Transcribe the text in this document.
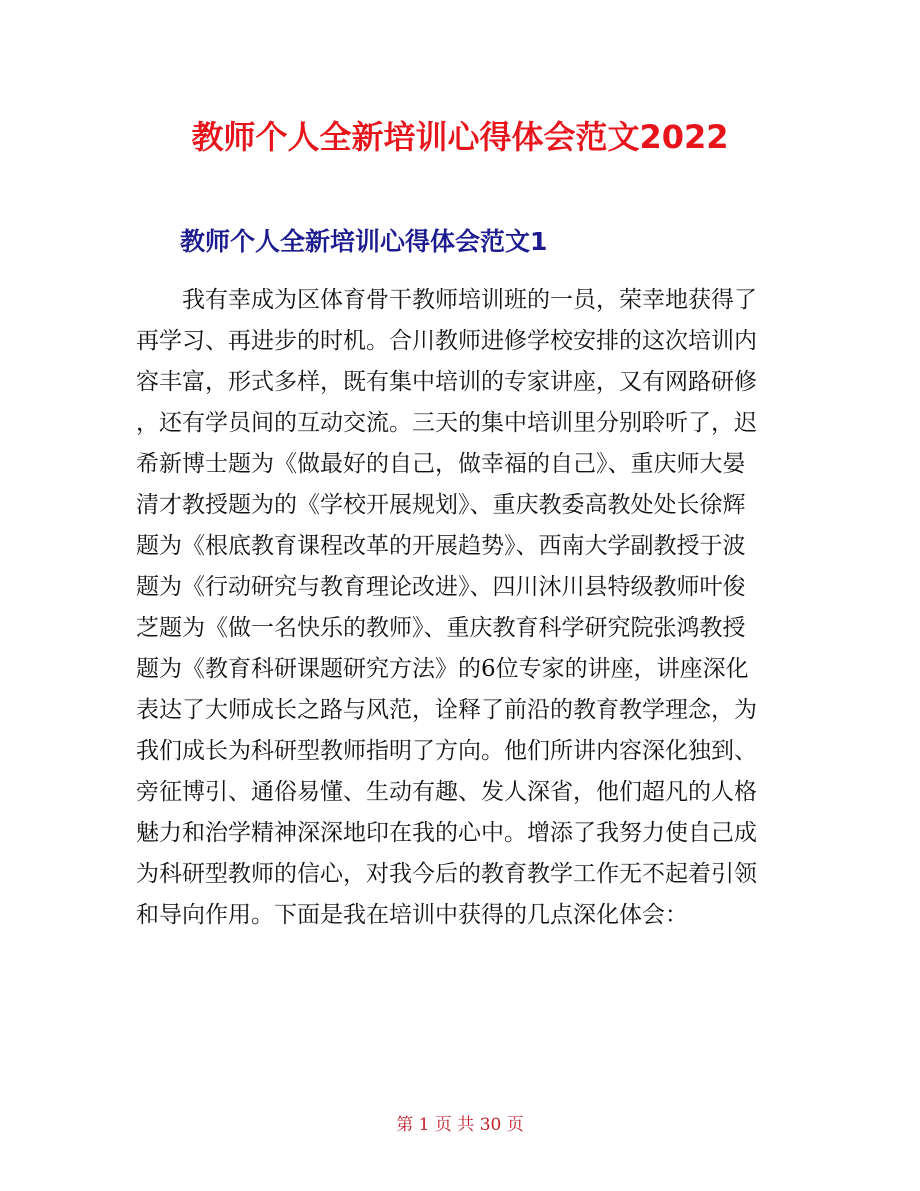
教师个人全新培训心得体会范文2022
教师个人全新培训心得体会范文1
我有幸成为区体育骨干教师培训班的一员，荣幸地获得了
再学习、再进步的时机。合川教师进修学校安排的这次培训内
容丰富，形式多样，既有集中培训的专家讲座，又有网路研修
，还有学员间的互动交流。三天的集中培训里分别聆听了，迟
希新博士题为《做最好的自己，做幸福的自己》、重庆师大晏
清才教授题为的《学校开展规划》、重庆教委高教处处长徐辉
题为《根底教育课程改革的开展趋势》、西南大学副教授于波
题为《行动研究与教育理论改进》、四川沐川县特级教师叶俊
芝题为《做一名快乐的教师》、重庆教育科学研究院张鸿教授
题为《教育科研课题研究方法》的6位专家的讲座，讲座深化
表达了大师成长之路与风范，诠释了前沿的教育教学理念，为
我们成长为科研型教师指明了方向。他们所讲内容深化独到、
旁征博引、通俗易懂、生动有趣、发人深省，他们超凡的人格
魅力和治学精神深深地印在我的心中。增添了我努力使自己成
为科研型教师的信心，对我今后的教育教学工作无不起着引领
和导向作用。下面是我在培训中获得的几点深化体会：
第 1 页 共 30 页
